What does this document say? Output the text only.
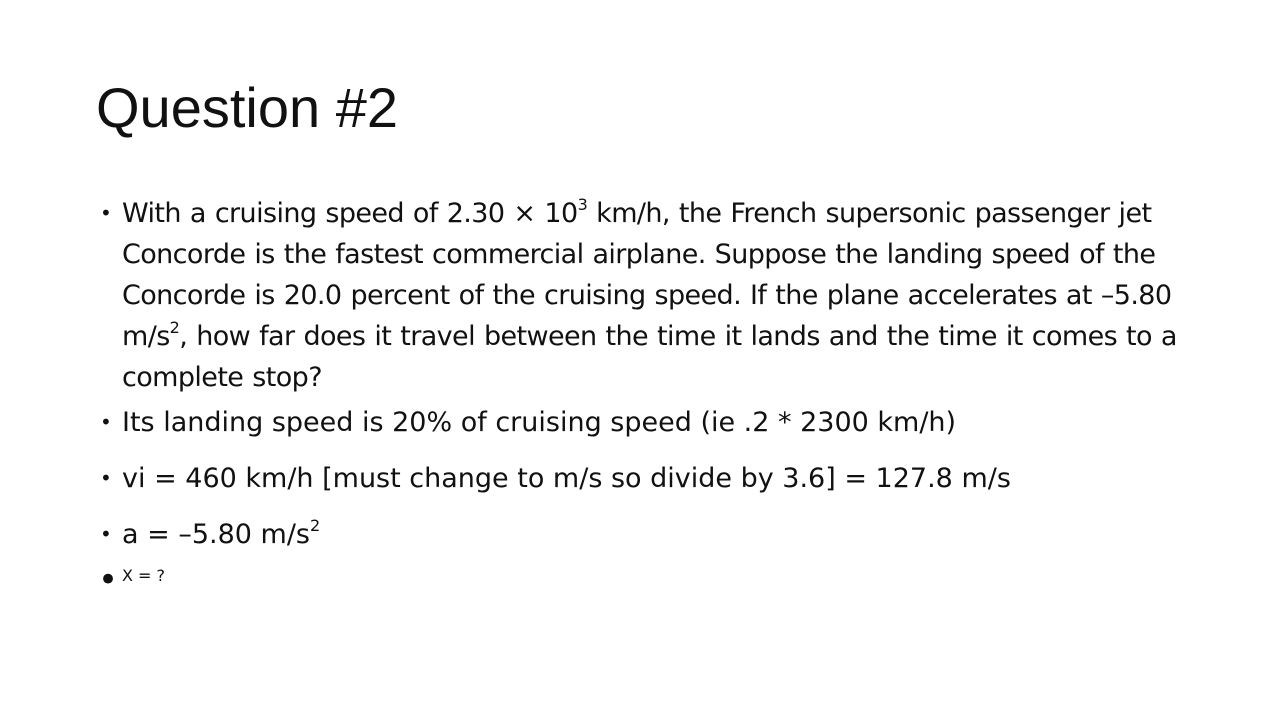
Question #2
• With a cruising speed of $2.30 \times 10^3$ km/h, the French supersonic passenger jet Concorde is the fastest commercial airplane. Suppose the landing speed of the Concorde is 20.0 percent of the cruising speed. If the plane accelerates at –5.80 $m/s^2$, how far does it travel between the time it lands and the time it comes to a complete stop?
• Its landing speed is 20% of cruising speed (ie .2 * 2300 km/h)
• vi = 460 km/h [must change to m/s so divide by 3.6] = 127.8 m/s
• a = –5.80 $m/s^2$
• X = ?
